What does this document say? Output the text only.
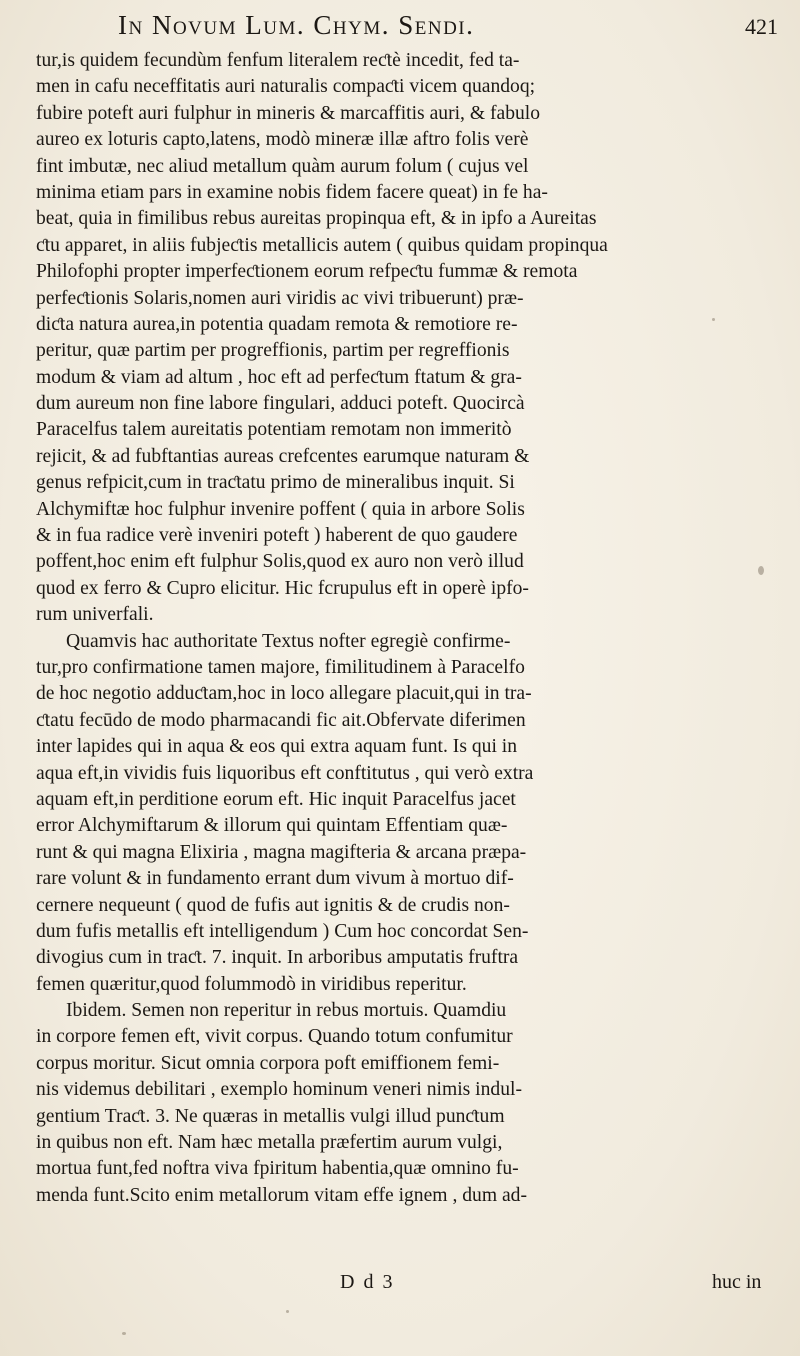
In Novum Lum. Chym. Sendi.	421
tur,is quidem fecundùm fenfum literalem reƈtè incedit, fed ta-
men in cafu neceffitatis auri naturalis compaƈti vicem quandoq;
fubire poteft auri fulphur in mineris & marcaffitis auri, & fabulo
aureo ex loturis capto,latens, modò mineræ illæ aftro folis verè
fint imbutæ, nec aliud metallum quàm aurum folum ( cujus vel
minima etiam pars in examine nobis fidem facere queat) in fe ha-
beat, quia in fimilibus rebus aureitas propinqua eft, & in ipfo a Aureitas
ƈtu apparet, in aliis fubjeƈtis metallicis autem ( quibus quidam propinqua
Philofophi propter imperfeƈtionem eorum refpeƈtu fummæ & remota
perfeƈtionis Solaris,nomen auri viridis ac vivi tribuerunt) præ-
diƈta natura aurea,in potentia quadam remota & remotiore re-
peritur, quæ partim per progreffionis, partim per regreffionis
modum & viam ad altum , hoc eft ad perfeƈtum ftatum & gra-
dum aureum non fine labore fingulari, adduci poteft. Quocircà
Paracelfus talem aureitatis potentiam remotam non immeritò
rejicit, & ad fubftantias aureas crefcentes earumque naturam &
genus refpicit,cum in traƈtatu primo de mineralibus inquit. Si
Alchymiftæ hoc fulphur invenire poffent ( quia in arbore Solis
& in fua radice verè inveniri poteft ) haberent de quo gaudere
poffent,hoc enim eft fulphur Solis,quod ex auro non verò illud
quod ex ferro & Cupro elicitur. Hic fcrupulus eft in operè ipfo-
rum univerfali.
Quamvis hac authoritate Textus nofter egregiè confirme-
tur,pro confirmatione tamen majore, fimilitudinem à Paracelfo
de hoc negotio adduƈtam,hoc in loco allegare placuit,qui in tra-
ƈtatu fecūdo de modo pharmacandi fic ait.Obfervate diferimen
inter lapides qui in aqua & eos qui extra aquam funt. Is qui in
aqua eft,in vividis fuis liquoribus eft conftitutus , qui verò extra
aquam eft,in perditione eorum eft. Hic inquit Paracelfus jacet
error Alchymiftarum & illorum qui quintam Effentiam quæ-
runt & qui magna Elixiria , magna magifteria & arcana præpa-
rare volunt & in fundamento errant dum vivum à mortuo dif-
cernere nequeunt ( quod de fufis aut ignitis & de crudis non-
dum fufis metallis eft intelligendum ) Cum hoc concordat Sen-
divogius cum in traƈt. 7. inquit. In arboribus amputatis fruftra
femen quæritur,quod folummodò in viridibus reperitur.
Ibidem. Semen non reperitur in rebus mortuis. Quamdiu
in corpore femen eft, vivit corpus. Quando totum confumitur
corpus moritur. Sicut omnia corpora poft emiffionem femi-
nis videmus debilitari , exemplo hominum veneri nimis indul-
gentium Traƈt. 3. Ne quæras in metallis vulgi illud punƈtum
in quibus non eft. Nam hæc metalla præfertim aurum vulgi,
mortua funt,fed noftra viva fpiritum habentia,quæ omnino fu-
menda funt.Scito enim metallorum vitam effe ignem , dum ad-
D d 3	huc in
